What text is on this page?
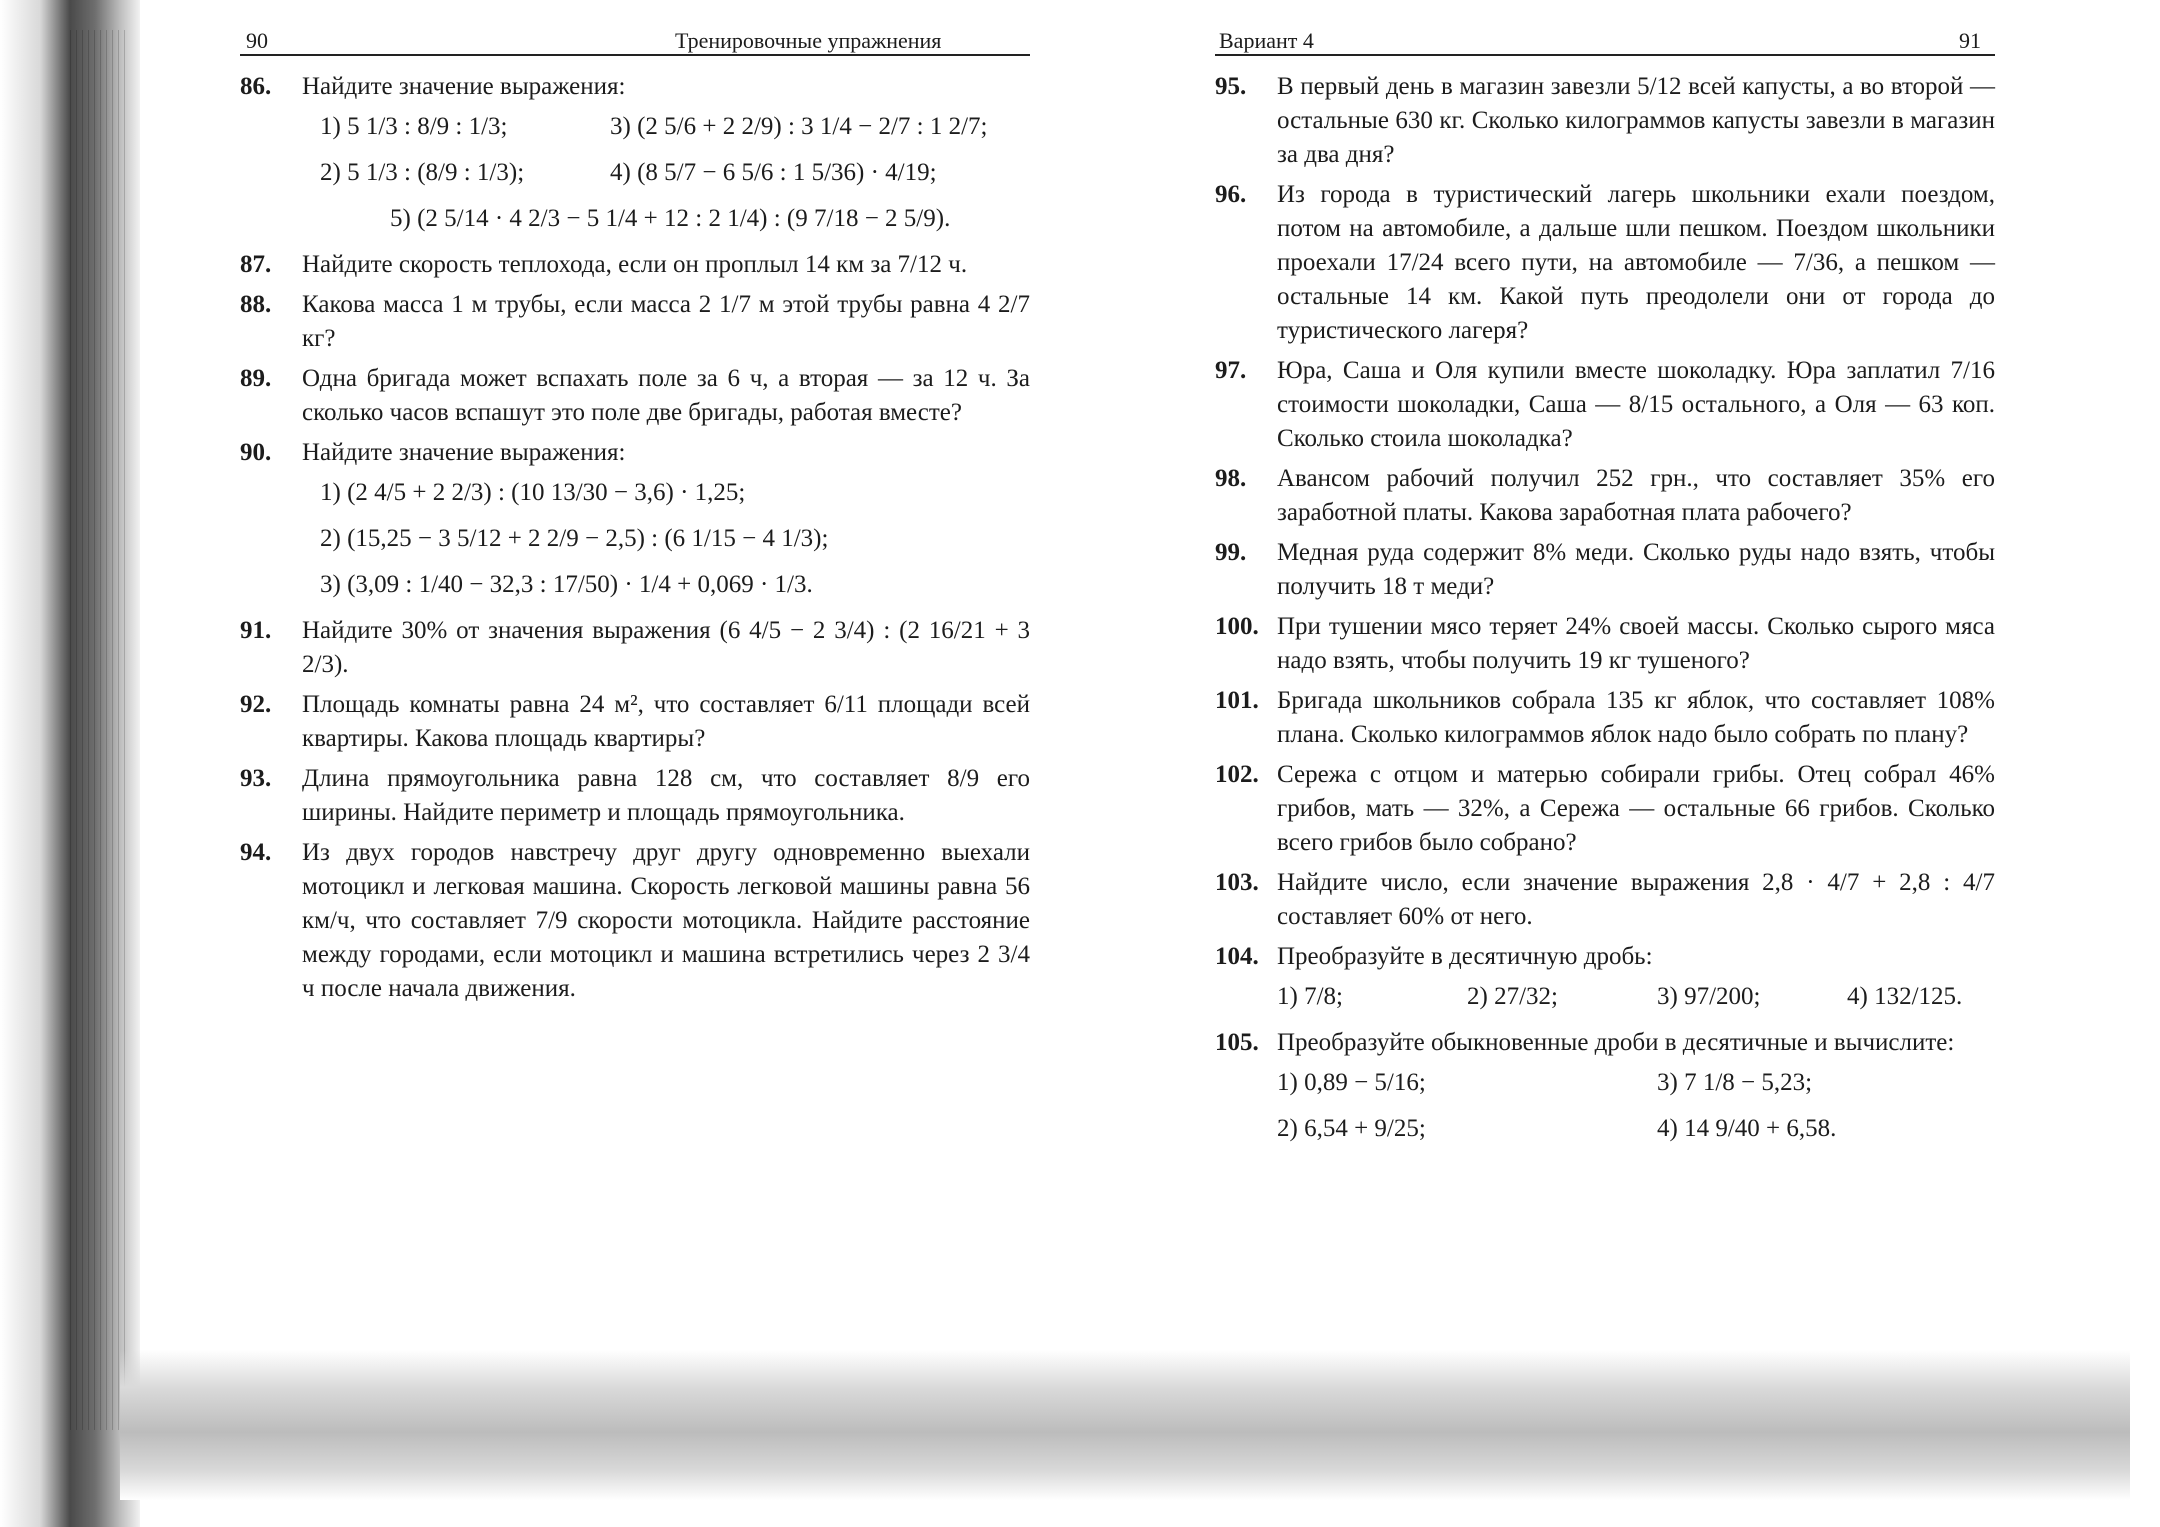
90	Тренировочные упражнения
86.	Найдите значение выражения:
1) 5 1/3 : 8/9 : 1/3;	3) (2 5/6 + 2 2/9) : 3 1/4 − 2/7 : 1 2/7;
2) 5 1/3 : (8/9 : 1/3);	4) (8 5/7 − 6 5/6 : 1 5/36) · 4/19;
5) (2 5/14 · 4 2/3 − 5 1/4 + 12 : 2 1/4) : (9 7/18 − 2 5/9).
87.	Найдите скорость теплохода, если он проплыл 14 км за 7/12 ч.
88.	Какова масса 1 м трубы, если масса 2 1/7 м этой трубы равна 4 2/7 кг?
89.	Одна бригада может вспахать поле за 6 ч, а вторая — за 12 ч. За сколько часов вспашут это поле две бригады, работая вместе?
90.	Найдите значение выражения:
1) (2 4/5 + 2 2/3) : (10 13/30 − 3,6) · 1,25;
2) (15,25 − 3 5/12 + 2 2/9 − 2,5) : (6 1/15 − 4 1/3);
3) (3,09 : 1/40 − 32,3 : 17/50) · 1/4 + 0,069 · 1/3.
91.	Найдите 30% от значения выражения (6 4/5 − 2 3/4) : (2 16/21 + 3 2/3).
92.	Площадь комнаты равна 24 м², что составляет 6/11 площади всей квартиры. Какова площадь квартиры?
93.	Длина прямоугольника равна 128 см, что составляет 8/9 его ширины. Найдите периметр и площадь прямоугольника.
94.	Из двух городов навстречу друг другу одновременно выехали мотоцикл и легковая машина. Скорость легковой машины равна 56 км/ч, что составляет 7/9 скорости мотоцикла. Найдите расстояние между городами, если мотоцикл и машина встретились через 2 3/4 ч после начала движения.
Вариант 4	91
95.	В первый день в магазин завезли 5/12 всей капусты, а во второй — остальные 630 кг. Сколько килограммов капусты завезли в магазин за два дня?
96.	Из города в туристический лагерь школьники ехали поездом, потом на автомобиле, а дальше шли пешком. Поездом школьники проехали 17/24 всего пути, на автомобиле — 7/36, а пешком — остальные 14 км. Какой путь преодолели они от города до туристического лагеря?
97.	Юра, Саша и Оля купили вместе шоколадку. Юра заплатил 7/16 стоимости шоколадки, Саша — 8/15 остального, а Оля — 63 коп. Сколько стоила шоколадка?
98.	Авансом рабочий получил 252 грн., что составляет 35% его заработной платы. Какова заработная плата рабочего?
99.	Медная руда содержит 8% меди. Сколько руды надо взять, чтобы получить 18 т меди?
100. При тушении мясо теряет 24% своей массы. Сколько сырого мяса надо взять, чтобы получить 19 кг тушеного?
101. Бригада школьников собрала 135 кг яблок, что составляет 108% плана. Сколько килограммов яблок надо было собрать по плану?
102. Сережа с отцом и матерью собирали грибы. Отец собрал 46% грибов, мать — 32%, а Сережа — остальные 66 грибов. Сколько всего грибов было собрано?
103. Найдите число, если значение выражения 2,8 · 4/7 + 2,8 : 4/7 составляет 60% от него.
104. Преобразуйте в десятичную дробь:
1) 7/8;	2) 27/32;	3) 97/200;	4) 132/125.
105. Преобразуйте обыкновенные дроби в десятичные и вычислите:
1) 0,89 − 5/16;	3) 7 1/8 − 5,23;
2) 6,54 + 9/25;	4) 14 9/40 + 6,58.
